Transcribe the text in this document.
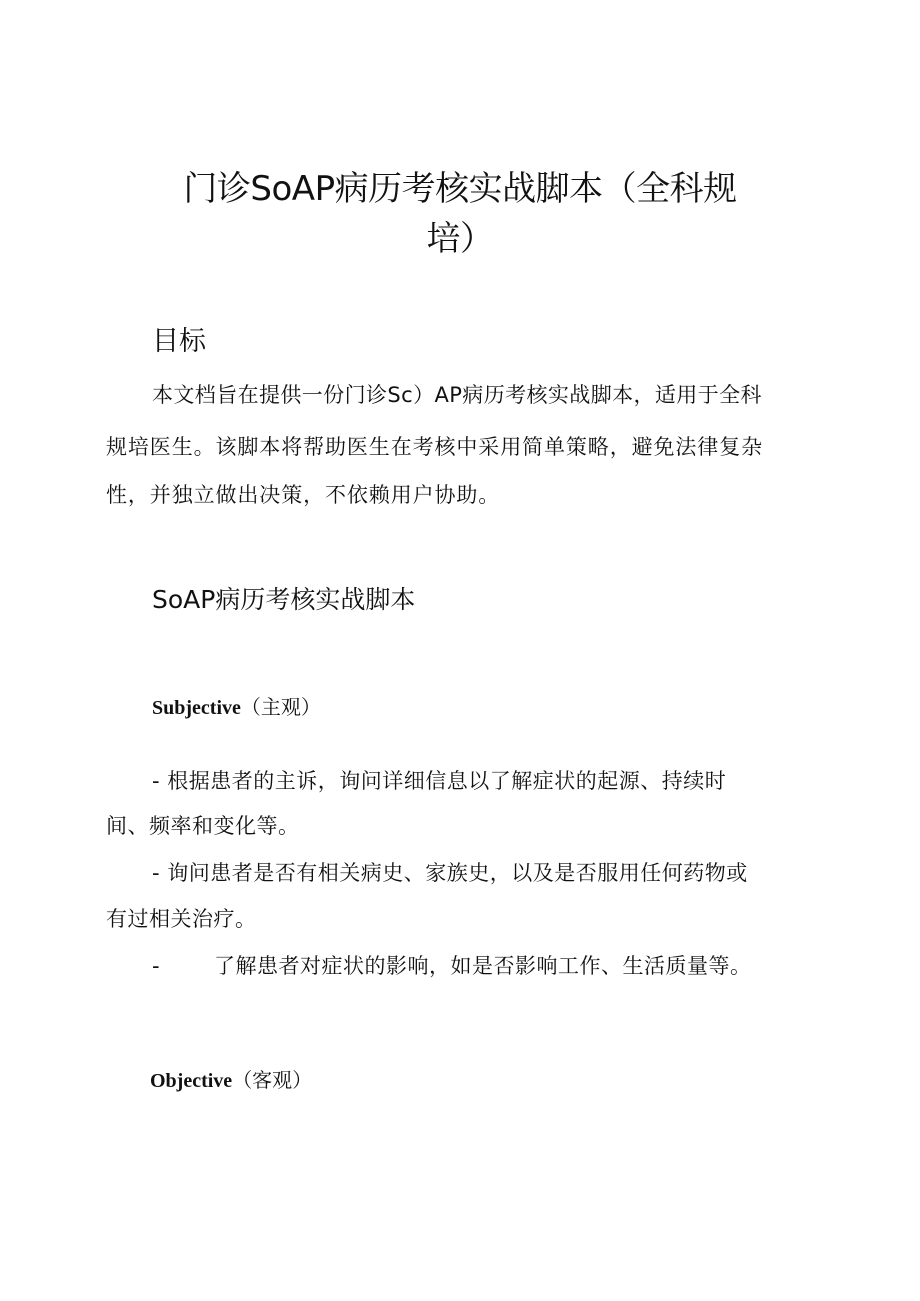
门诊SoAP病历考核实战脚本（全科规
培）
目标

本文档旨在提供一份门诊Sc）AP病历考核实战脚本，适用于全科

规培医生。该脚本将帮助医生在考核中采用简单策略，避免法律复杂

性，并独立做出决策，不依赖用户协助。

SoAP病历考核实战脚本
Subjective（主观）

- 根据患者的主诉，询问详细信息以了解症状的起源、持续时

间、频率和变化等。

- 询问患者是否有相关病史、家族史，以及是否服用任何药物或

有过相关治疗。

-	了解患者对症状的影响，如是否影响工作、生活质量等。

Objective（客观）
